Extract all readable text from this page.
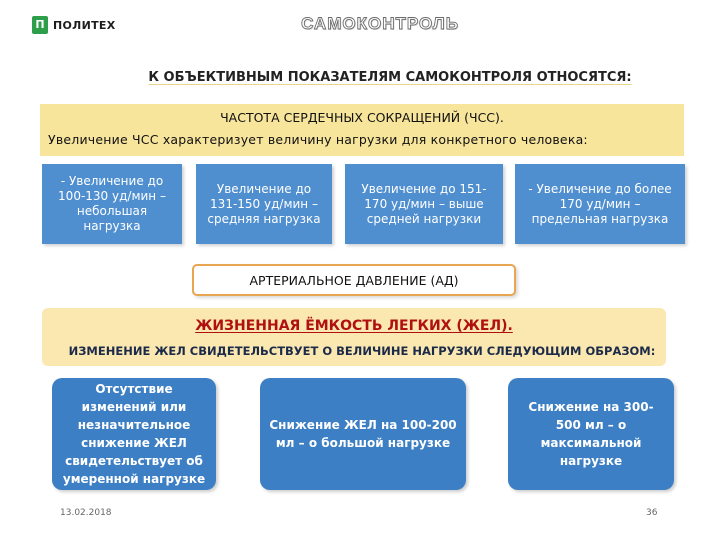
П ПОЛИТЕХ	САМОКОНТРОЛЬ
К ОБЪЕКТИВНЫМ ПОКАЗАТЕЛЯМ САМОКОНТРОЛЯ ОТНОСЯТСЯ:
ЧАСТОТА СЕРДЕЧНЫХ СОКРАЩЕНИЙ (ЧСС).
Увеличение ЧСС характеризует величину нагрузки для конкретного человека:
- Увеличение до 100-130 уд/мин – небольшая нагрузка
Увеличение до 131-150 уд/мин – средняя нагрузка
Увеличение до 151-170 уд/мин – выше средней нагрузки
- Увеличение до более 170 уд/мин – предельная нагрузка
АРТЕРИАЛЬНОЕ ДАВЛЕНИЕ (АД)
ЖИЗНЕННАЯ ЁМКОСТЬ ЛЕГКИХ (ЖЕЛ).
ИЗМЕНЕНИЕ ЖЕЛ СВИДЕТЕЛЬСТВУЕТ О ВЕЛИЧИНЕ НАГРУЗКИ СЛЕДУЮЩИМ ОБРАЗОМ:
Отсутствие изменений или незначительное снижение ЖЕЛ свидетельствует об умеренной нагрузке
Снижение ЖЕЛ на 100-200 мл – о большой нагрузке
Снижение на 300-500 мл – о максимальной нагрузке
13.02.2018	36
